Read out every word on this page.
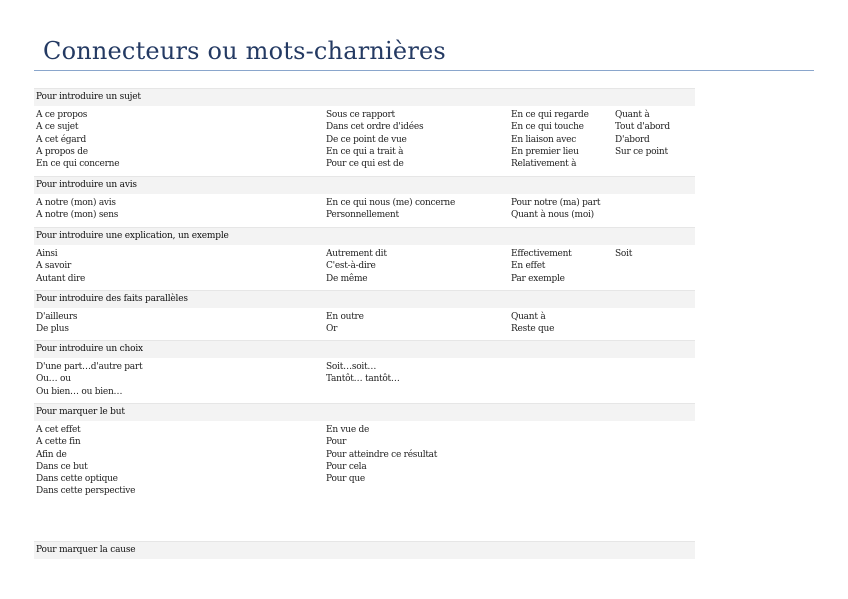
Connecteurs ou mots-charnières
Pour introduire un sujet
A ce propos
A ce sujet
A cet égard
A propos de
En ce qui concerne
Sous ce rapport
Dans cet ordre d'idées
De ce point de vue
En ce qui a trait à
Pour ce qui est de
En ce qui regarde
En ce qui touche
En liaison avec
En premier lieu
Relativement à
Quant à
Tout d'abord
D'abord
Sur ce point
Pour introduire un avis
A notre (mon) avis
A notre (mon) sens
En ce qui nous (me) concerne
Personnellement
Pour notre (ma) part
Quant à nous (moi)
Pour introduire une explication, un exemple
Ainsi
A savoir
Autant dire
Autrement dit
C'est-à-dire
De même
Effectivement
En effet
Par exemple
Soit
Pour introduire des faits parallèles
D'ailleurs
De plus
En outre
Or
Quant à
Reste que
Pour introduire un choix
D'une part…d'autre part
Ou… ou
Ou bien… ou bien…
Soit…soit…
Tantôt… tantôt…
Pour marquer le but
A cet effet
A cette fin
Afin de
Dans ce but
Dans cette optique
Dans cette perspective
En vue de
Pour
Pour atteindre ce résultat
Pour cela
Pour que
Pour marquer la cause
